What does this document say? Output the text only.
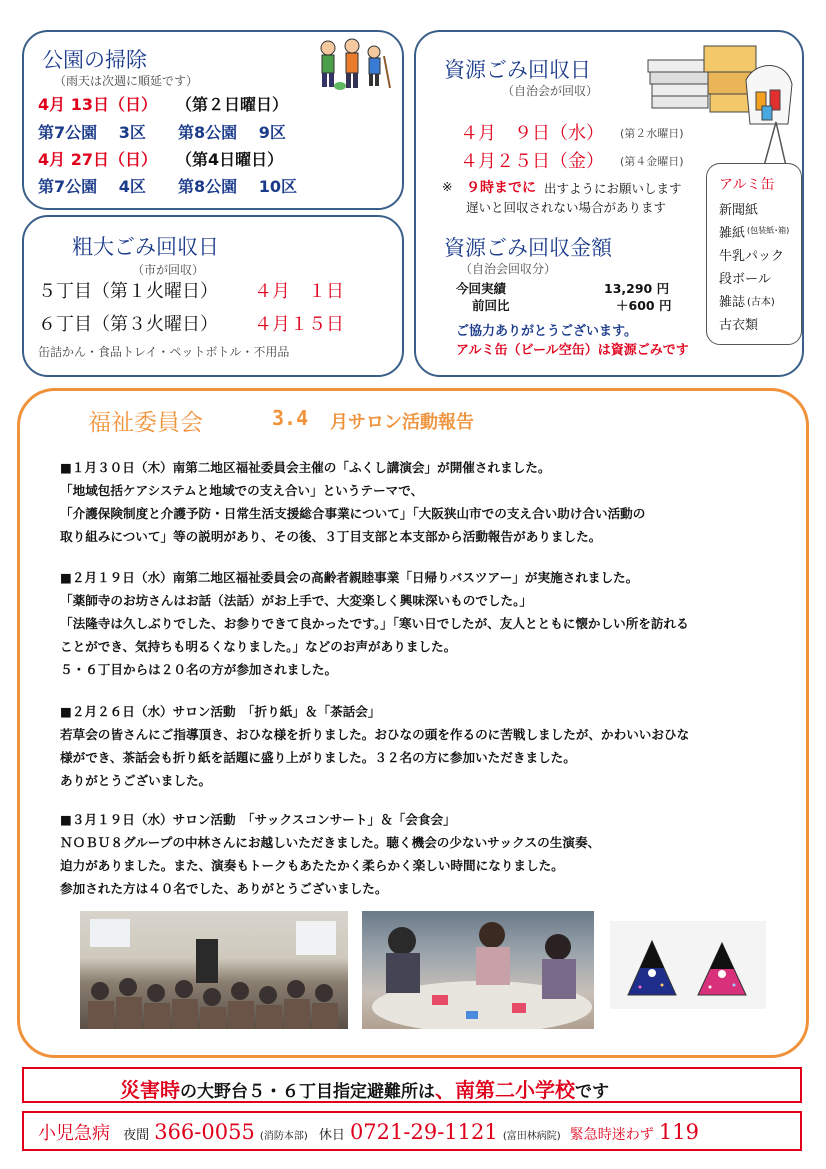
公園の掃除
（雨天は次週に順延です）
4月 13日（日） （第２日曜日）
第7公園　 3区 第8公園　 9区
4月 27日（日） （第4日曜日）
第7公園　 4区 第8公園　 10区
粗大ごみ回収日
（市が回収）
５丁目（第１火曜日） ４月　１日
６丁目（第３火曜日） ４月１５日
缶詰かん・食品トレイ・ペットボトル・不用品
資源ごみ回収日
（自治会が回収）
４月　９日（水） (第２水曜日)
４月２５日（金） (第４金曜日)
※ ９時までに 出すようにお願いします
遅いと回収されない場合があります
資源ごみ回収金額
（自治会回収分）
今回実績	13,290 円
前回比	＋600 円
ご協力ありがとうございます。
アルミ缶（ビール空缶）は資源ごみです
アルミ缶
新聞紙
雑紙 (包装紙･箱)
牛乳パック
段ボール
雑誌 (古本)
古衣類
福祉委員会	3.4 月サロン活動報告
■１月３０日（木）南第二地区福祉委員会主催の「ふくし講演会」が開催されました。
「地域包括ケアシステムと地域での支え合い」というテーマで、
「介護保険制度と介護予防・日常生活支援総合事業について」「大阪狭山市での支え合い助け合い活動の
取り組みについて」等の説明があり、その後、３丁目支部と本支部から活動報告がありました。
■２月１９日（水）南第二地区福祉委員会の高齢者親睦事業「日帰りバスツアー」が実施されました。
「薬師寺のお坊さんはお話（法話）がお上手で、大変楽しく興味深いものでした。」
「法隆寺は久しぶりでした、お参りできて良かったです。」「寒い日でしたが、友人とともに懐かしい所を訪れる
ことができ、気持ちも明るくなりました。」などのお声がありました。
５・６丁目からは２０名の方が参加されました。
■２月２６日（水）サロン活動　「折り紙」＆「茶話会」
若草会の皆さんにご指導頂き、おひな様を折りました。おひなの頭を作るのに苦戦しましたが、かわいいおひな
様ができ、茶話会も折り紙を話題に盛り上がりました。３２名の方に参加いただきました。
ありがとうございました。
■３月１９日（水）サロン活動　「サックスコンサート」＆「会食会」
ＮＯＢＵ８グループの中林さんにお越しいただきました。聴く機会の少ないサックスの生演奏、
迫力がありました。また、演奏もトークもあたたかく柔らかく楽しい時間になりました。
参加された方は４０名でした、ありがとうございました。
災害時の大野台５・６丁目指定避難所は、南第二小学校です
小児急病 夜間 366-0055 (消防本部) 休日 0721-29-1121 (富田林病院) 緊急時迷わず 119
